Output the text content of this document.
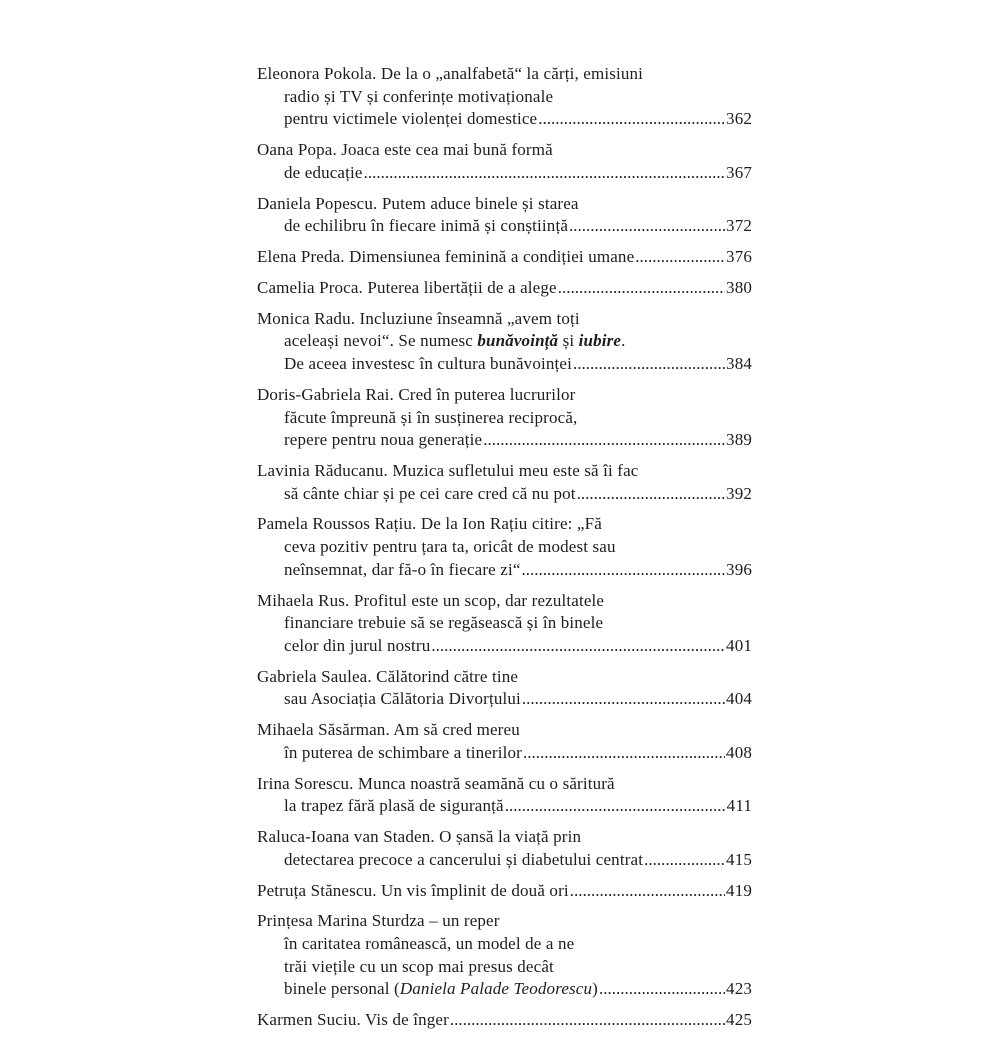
Eleonora Pokola. De la o „analfabetă“ la cărți, emisiuni
radio și TV și conferințe motivaționale
pentru victimele violenței domestice .....	362
Oana Popa. Joaca este cea mai bună formă
de educație .....	367
Daniela Popescu. Putem aduce binele și starea
de echilibru în fiecare inimă și conștiință .....	372
Elena Preda. Dimensiunea feminină a condiției umane .....	376
Camelia Proca. Puterea libertății de a alege .....	380
Monica Radu. Incluziune înseamnă „avem toți
aceleași nevoi“. Se numesc bunăvoință și iubire.
De aceea investesc în cultura bunăvoinței .....	384
Doris-Gabriela Rai. Cred în puterea lucrurilor
făcute împreună și în susținerea reciprocă,
repere pentru noua generație .....	389
Lavinia Răducanu. Muzica sufletului meu este să îi fac
să cânte chiar și pe cei care cred că nu pot .....	392
Pamela Roussos Rațiu. De la Ion Rațiu citire: „Fă
ceva pozitiv pentru țara ta, oricât de modest sau
neînsemnat, dar fă-o în fiecare zi“ .....	396
Mihaela Rus. Profitul este un scop, dar rezultatele
financiare trebuie să se regăsească și în binele
celor din jurul nostru .....	401
Gabriela Saulea. Călătorind către tine
sau Asociația Călătoria Divorțului .....	404
Mihaela Săsărman. Am să cred mereu
în puterea de schimbare a tinerilor .....	408
Irina Sorescu. Munca noastră seamănă cu o săritură
la trapez fără plasă de siguranță .....	411
Raluca-Ioana van Staden. O șansă la viață prin
detectarea precoce a cancerului și diabetului centrat .....	415
Petruța Stănescu. Un vis împlinit de două ori .....	419
Prințesa Marina Sturdza – un reper
în caritatea românească, un model de a ne
trăi viețile cu un scop mai presus decât
binele personal (Daniela Palade Teodorescu) .....	423
Karmen Suciu. Vis de înger .....	425
